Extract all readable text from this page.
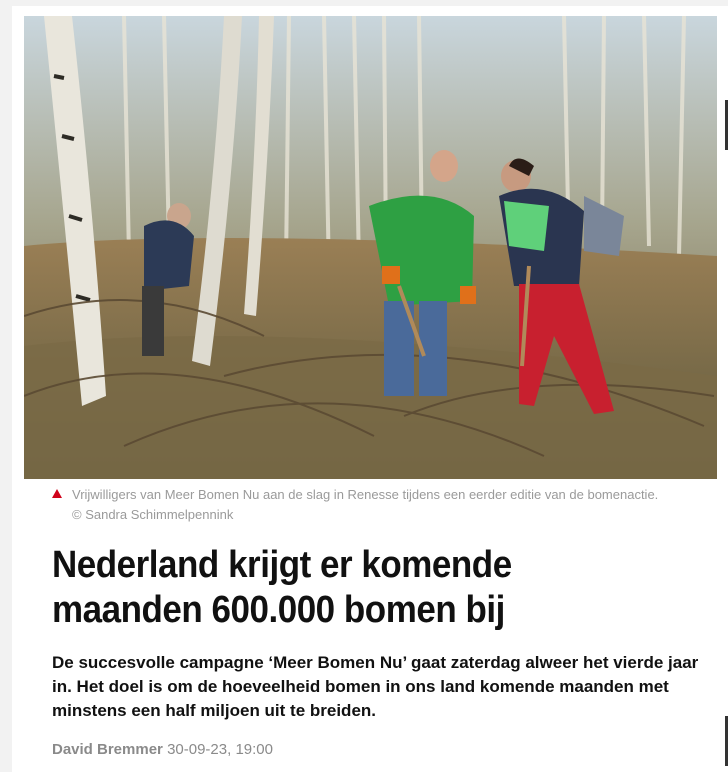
Vrijwilligers van Meer Bomen Nu aan de slag in Renesse tijdens een eerder editie van de bomenactie.
© Sandra Schimmelpennink
Nederland krijgt er komende
maanden 600.000 bomen bij
De succesvolle campagne ‘Meer Bomen Nu’ gaat zaterdag alweer het vierde jaar in. Het doel is om de hoeveelheid bomen in ons land komende maanden met minstens een half miljoen uit te breiden.
David Bremmer 30-09-23, 19:00
